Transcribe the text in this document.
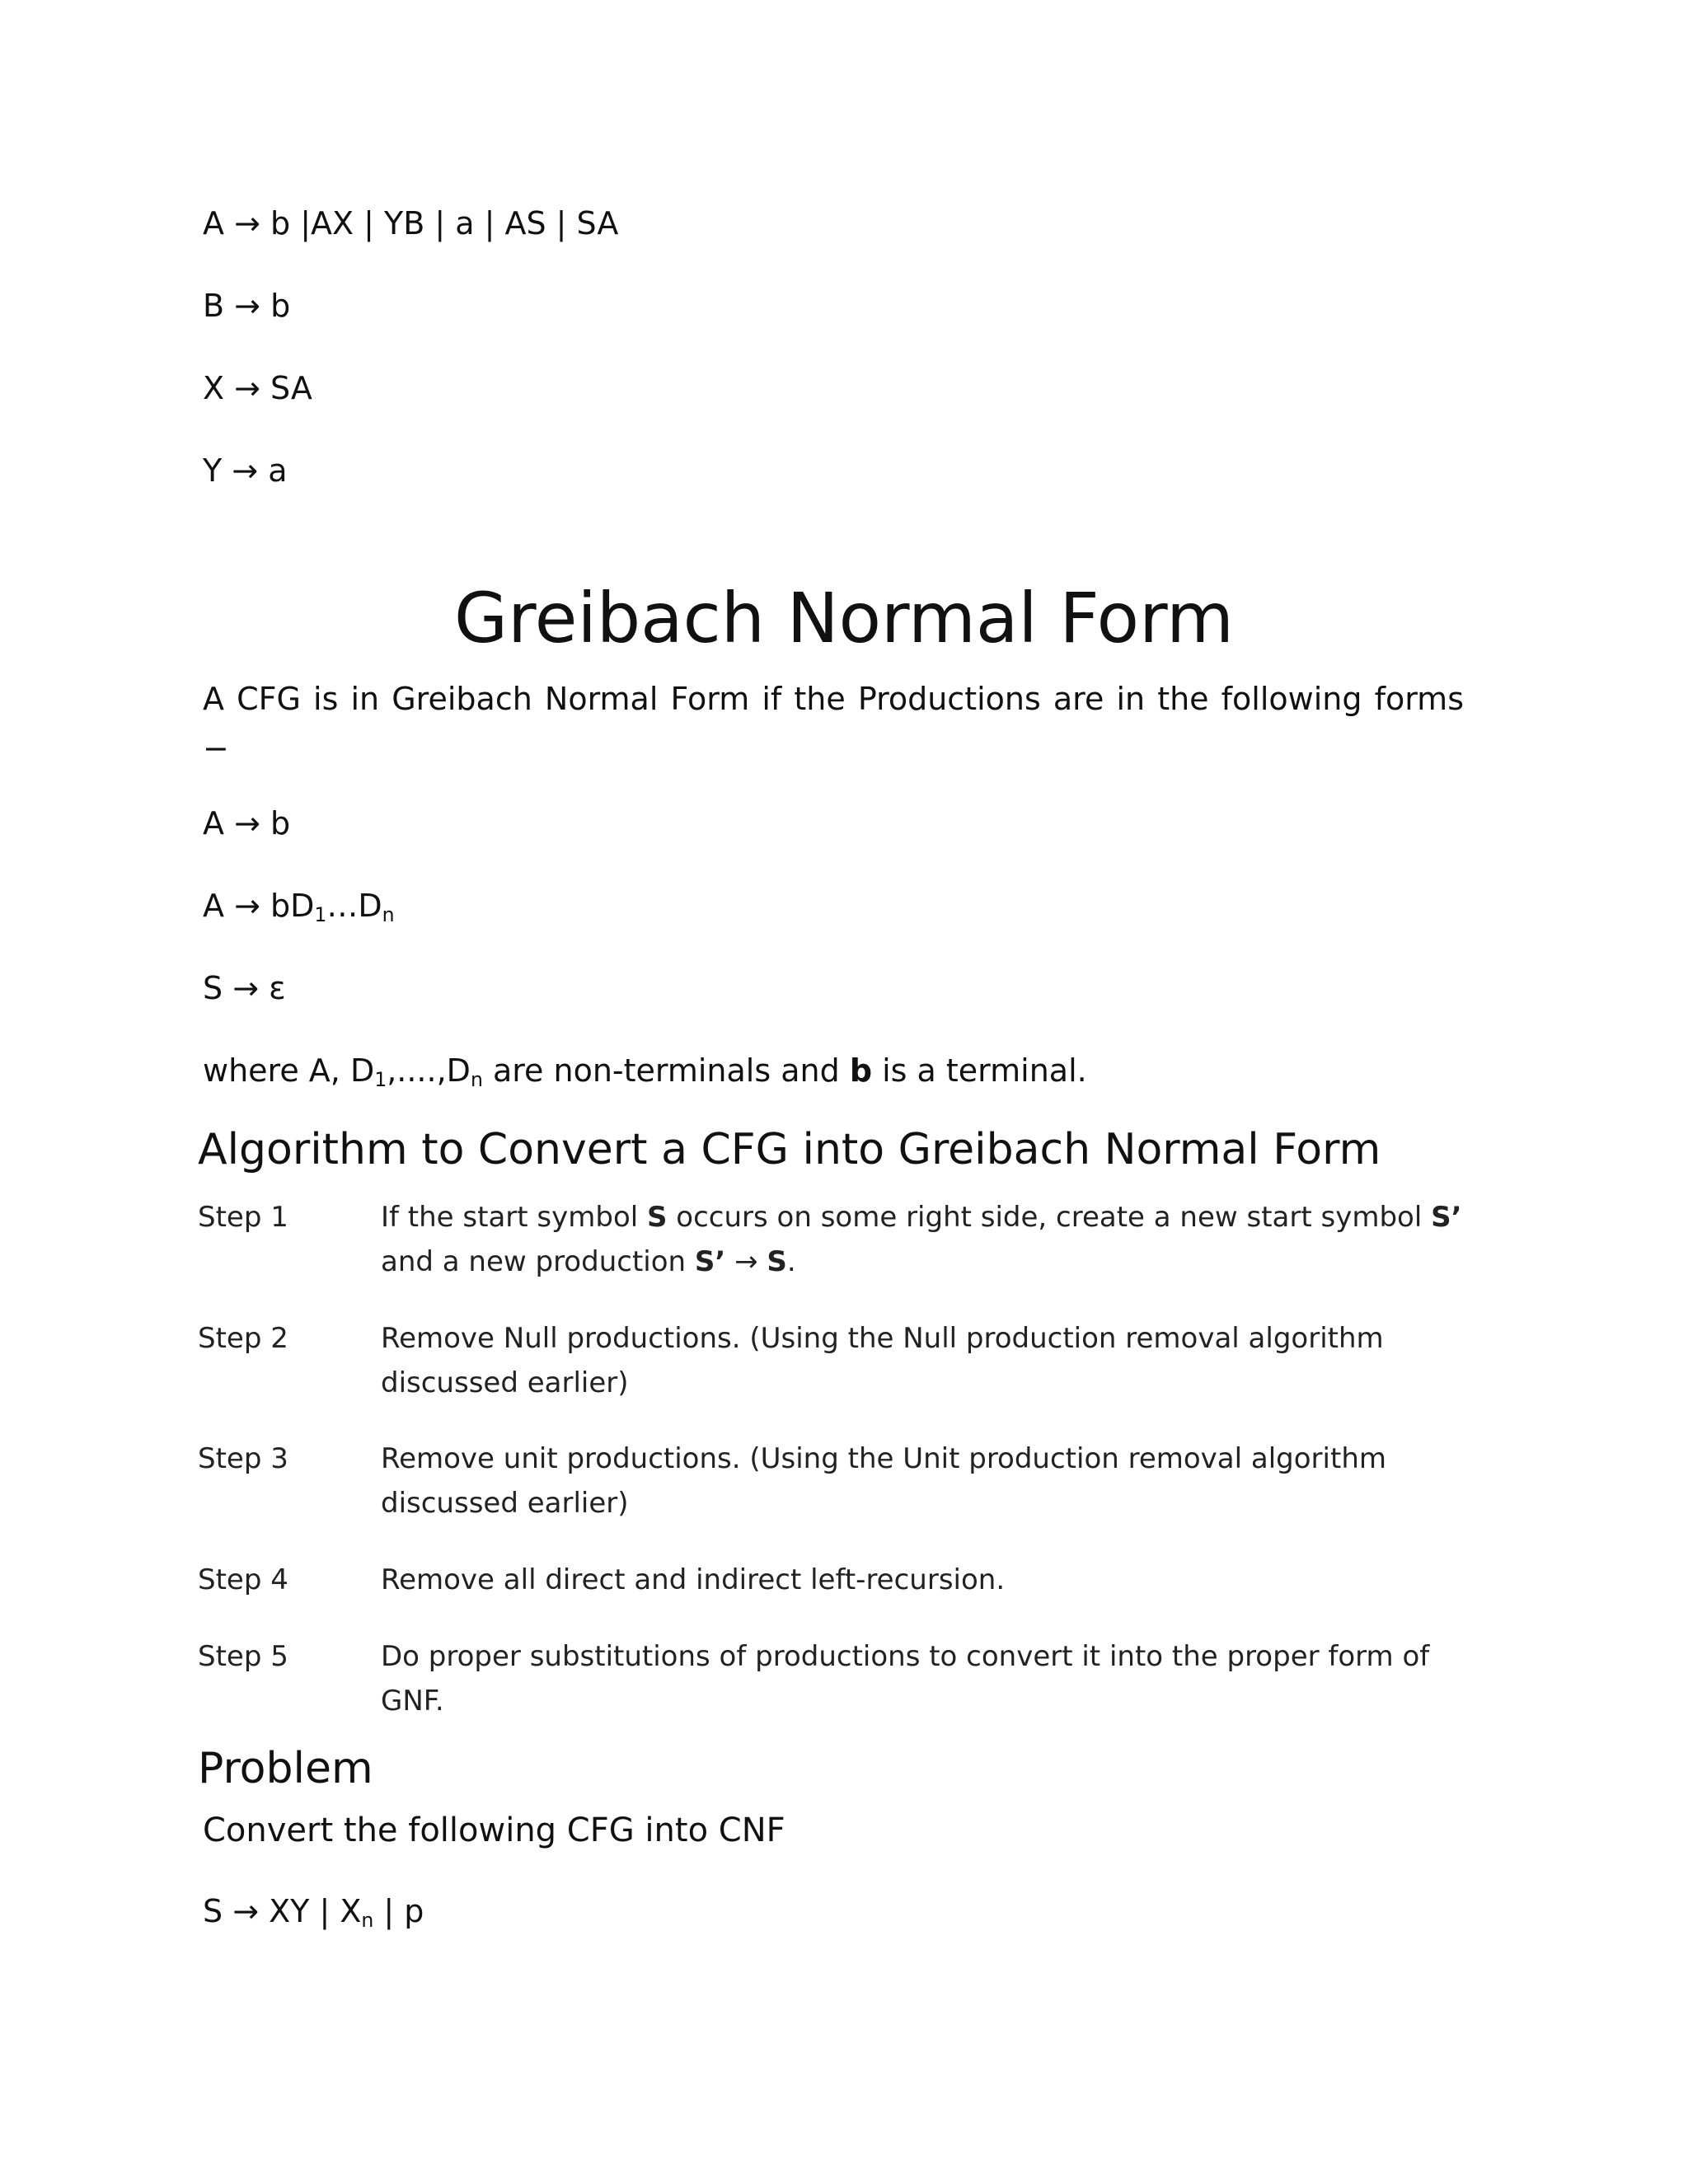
A → b |AX | YB | a | AS | SA
B → b
X → SA
Y → a
Greibach Normal Form
A CFG is in Greibach Normal Form if the Productions are in the following forms −
A → b
$A \to bD_1\dots D_n$
S → ε
where A, $D_1,....,D_n$ are non-terminals and b is a terminal.
Algorithm to Convert a CFG into Greibach Normal Form
Step 1	If the start symbol S occurs on some right side, create a new start symbol S’ and a new production S’ → S.
Step 2	Remove Null productions. (Using the Null production removal algorithm discussed earlier)
Step 3	Remove unit productions. (Using the Unit production removal algorithm discussed earlier)
Step 4	Remove all direct and indirect left-recursion.
Step 5	Do proper substitutions of productions to convert it into the proper form of GNF.
Problem
Convert the following CFG into CNF
S → XY | $X_n$ | p
